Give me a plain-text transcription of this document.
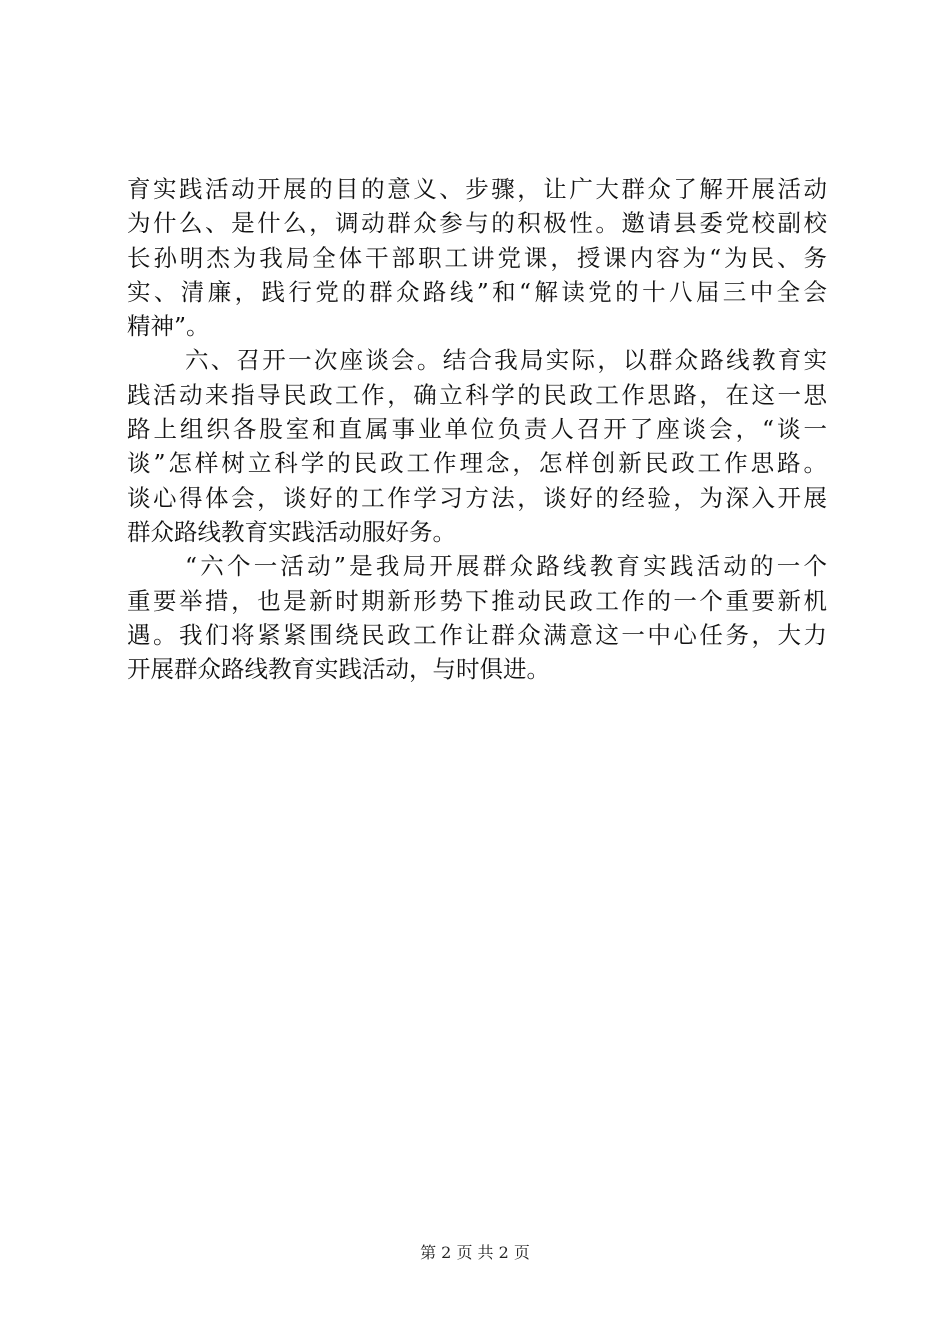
育实践活动开展的目的意义、步骤，让广大群众了解开展活动
为什么、是什么，调动群众参与的积极性。邀请县委党校副校
长孙明杰为我局全体干部职工讲党课，授课内容为“为民、务
实、清廉，践行党的群众路线”和“解读党的十八届三中全会
精神”。
六、召开一次座谈会。结合我局实际，以群众路线教育实
践活动来指导民政工作，确立科学的民政工作思路，在这一思
路上组织各股室和直属事业单位负责人召开了座谈会，“谈一
谈”怎样树立科学的民政工作理念，怎样创新民政工作思路。
谈心得体会，谈好的工作学习方法，谈好的经验，为深入开展
群众路线教育实践活动服好务。
“六个一活动”是我局开展群众路线教育实践活动的一个
重要举措，也是新时期新形势下推动民政工作的一个重要新机
遇。我们将紧紧围绕民政工作让群众满意这一中心任务，大力
开展群众路线教育实践活动，与时俱进。
第 2 页 共 2 页
